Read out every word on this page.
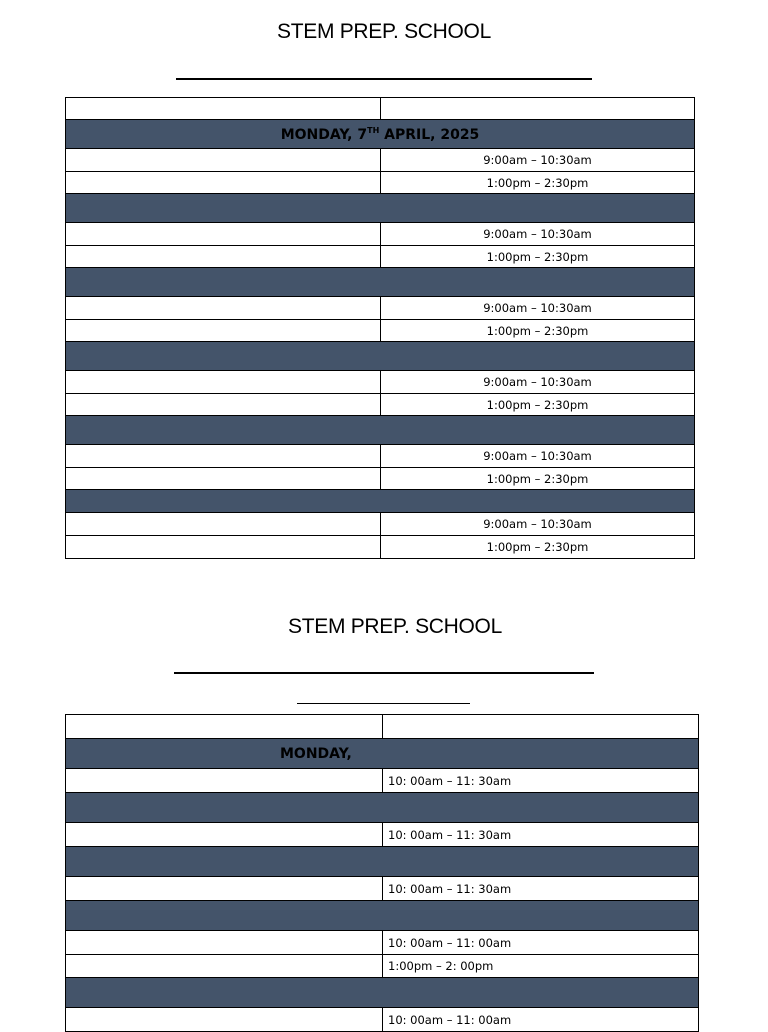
STEM PREP. SCHOOL

MONDAY, 7TH APRIL, 2025	
	9:00am – 10:30am
	1:00pm – 2:30pm

	9:00am – 10:30am
	1:00pm – 2:30pm

	9:00am – 10:30am
	1:00pm – 2:30pm

	9:00am – 10:30am
	1:00pm – 2:30pm

	9:00am – 10:30am
	1:00pm – 2:30pm

	9:00am – 10:30am
	1:00pm – 2:30pm
STEM PREP. SCHOOL

MONDAY,	
	10: 00am – 11: 30am

	10: 00am – 11: 30am

	10: 00am – 11: 30am

	10: 00am – 11: 00am
	1:00pm – 2: 00pm

	10: 00am – 11: 00am
